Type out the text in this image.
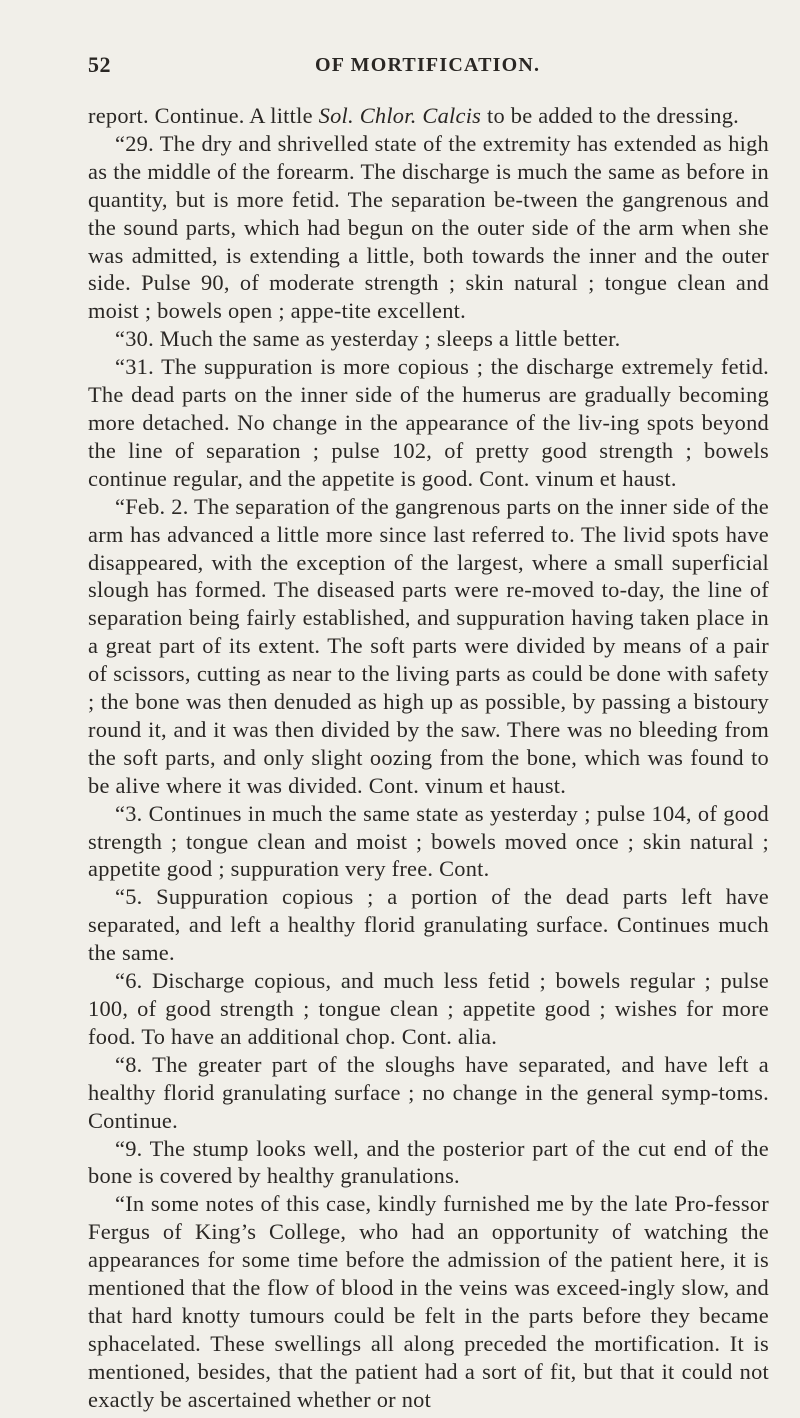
52	OF MORTIFICATION.

report. Continue. A little Sol. Chlor. Calcis to be added to the dressing.

“29. The dry and shrivelled state of the extremity has extended as high as the middle of the forearm. The discharge is much the same as before in quantity, but is more fetid. The separation be-tween the gangrenous and the sound parts, which had begun on the outer side of the arm when she was admitted, is extending a little, both towards the inner and the outer side. Pulse 90, of moderate strength ; skin natural ; tongue clean and moist ; bowels open ; appe-tite excellent.

“30. Much the same as yesterday ; sleeps a little better.

“31. The suppuration is more copious ; the discharge extremely fetid. The dead parts on the inner side of the humerus are gradually becoming more detached. No change in the appearance of the liv-ing spots beyond the line of separation ; pulse 102, of pretty good strength ; bowels continue regular, and the appetite is good. Cont. vinum et haust.

“Feb. 2. The separation of the gangrenous parts on the inner side of the arm has advanced a little more since last referred to. The livid spots have disappeared, with the exception of the largest, where a small superficial slough has formed. The diseased parts were re-moved to-day, the line of separation being fairly established, and suppuration having taken place in a great part of its extent. The soft parts were divided by means of a pair of scissors, cutting as near to the living parts as could be done with safety ; the bone was then denuded as high up as possible, by passing a bistoury round it, and it was then divided by the saw. There was no bleeding from the soft parts, and only slight oozing from the bone, which was found to be alive where it was divided. Cont. vinum et haust.

“3. Continues in much the same state as yesterday ; pulse 104, of good strength ; tongue clean and moist ; bowels moved once ; skin natural ; appetite good ; suppuration very free. Cont.

“5. Suppuration copious ; a portion of the dead parts left have separated, and left a healthy florid granulating surface. Continues much the same.

“6. Discharge copious, and much less fetid ; bowels regular ; pulse 100, of good strength ; tongue clean ; appetite good ; wishes for more food. To have an additional chop. Cont. alia.

“8. The greater part of the sloughs have separated, and have left a healthy florid granulating surface ; no change in the general symp-toms. Continue.

“9. The stump looks well, and the posterior part of the cut end of the bone is covered by healthy granulations.

“In some notes of this case, kindly furnished me by the late Pro-fessor Fergus of King’s College, who had an opportunity of watching the appearances for some time before the admission of the patient here, it is mentioned that the flow of blood in the veins was exceed-ingly slow, and that hard knotty tumours could be felt in the parts before they became sphacelated. These swellings all along preceded the mortification. It is mentioned, besides, that the patient had a sort of fit, but that it could not exactly be ascertained whether or not
